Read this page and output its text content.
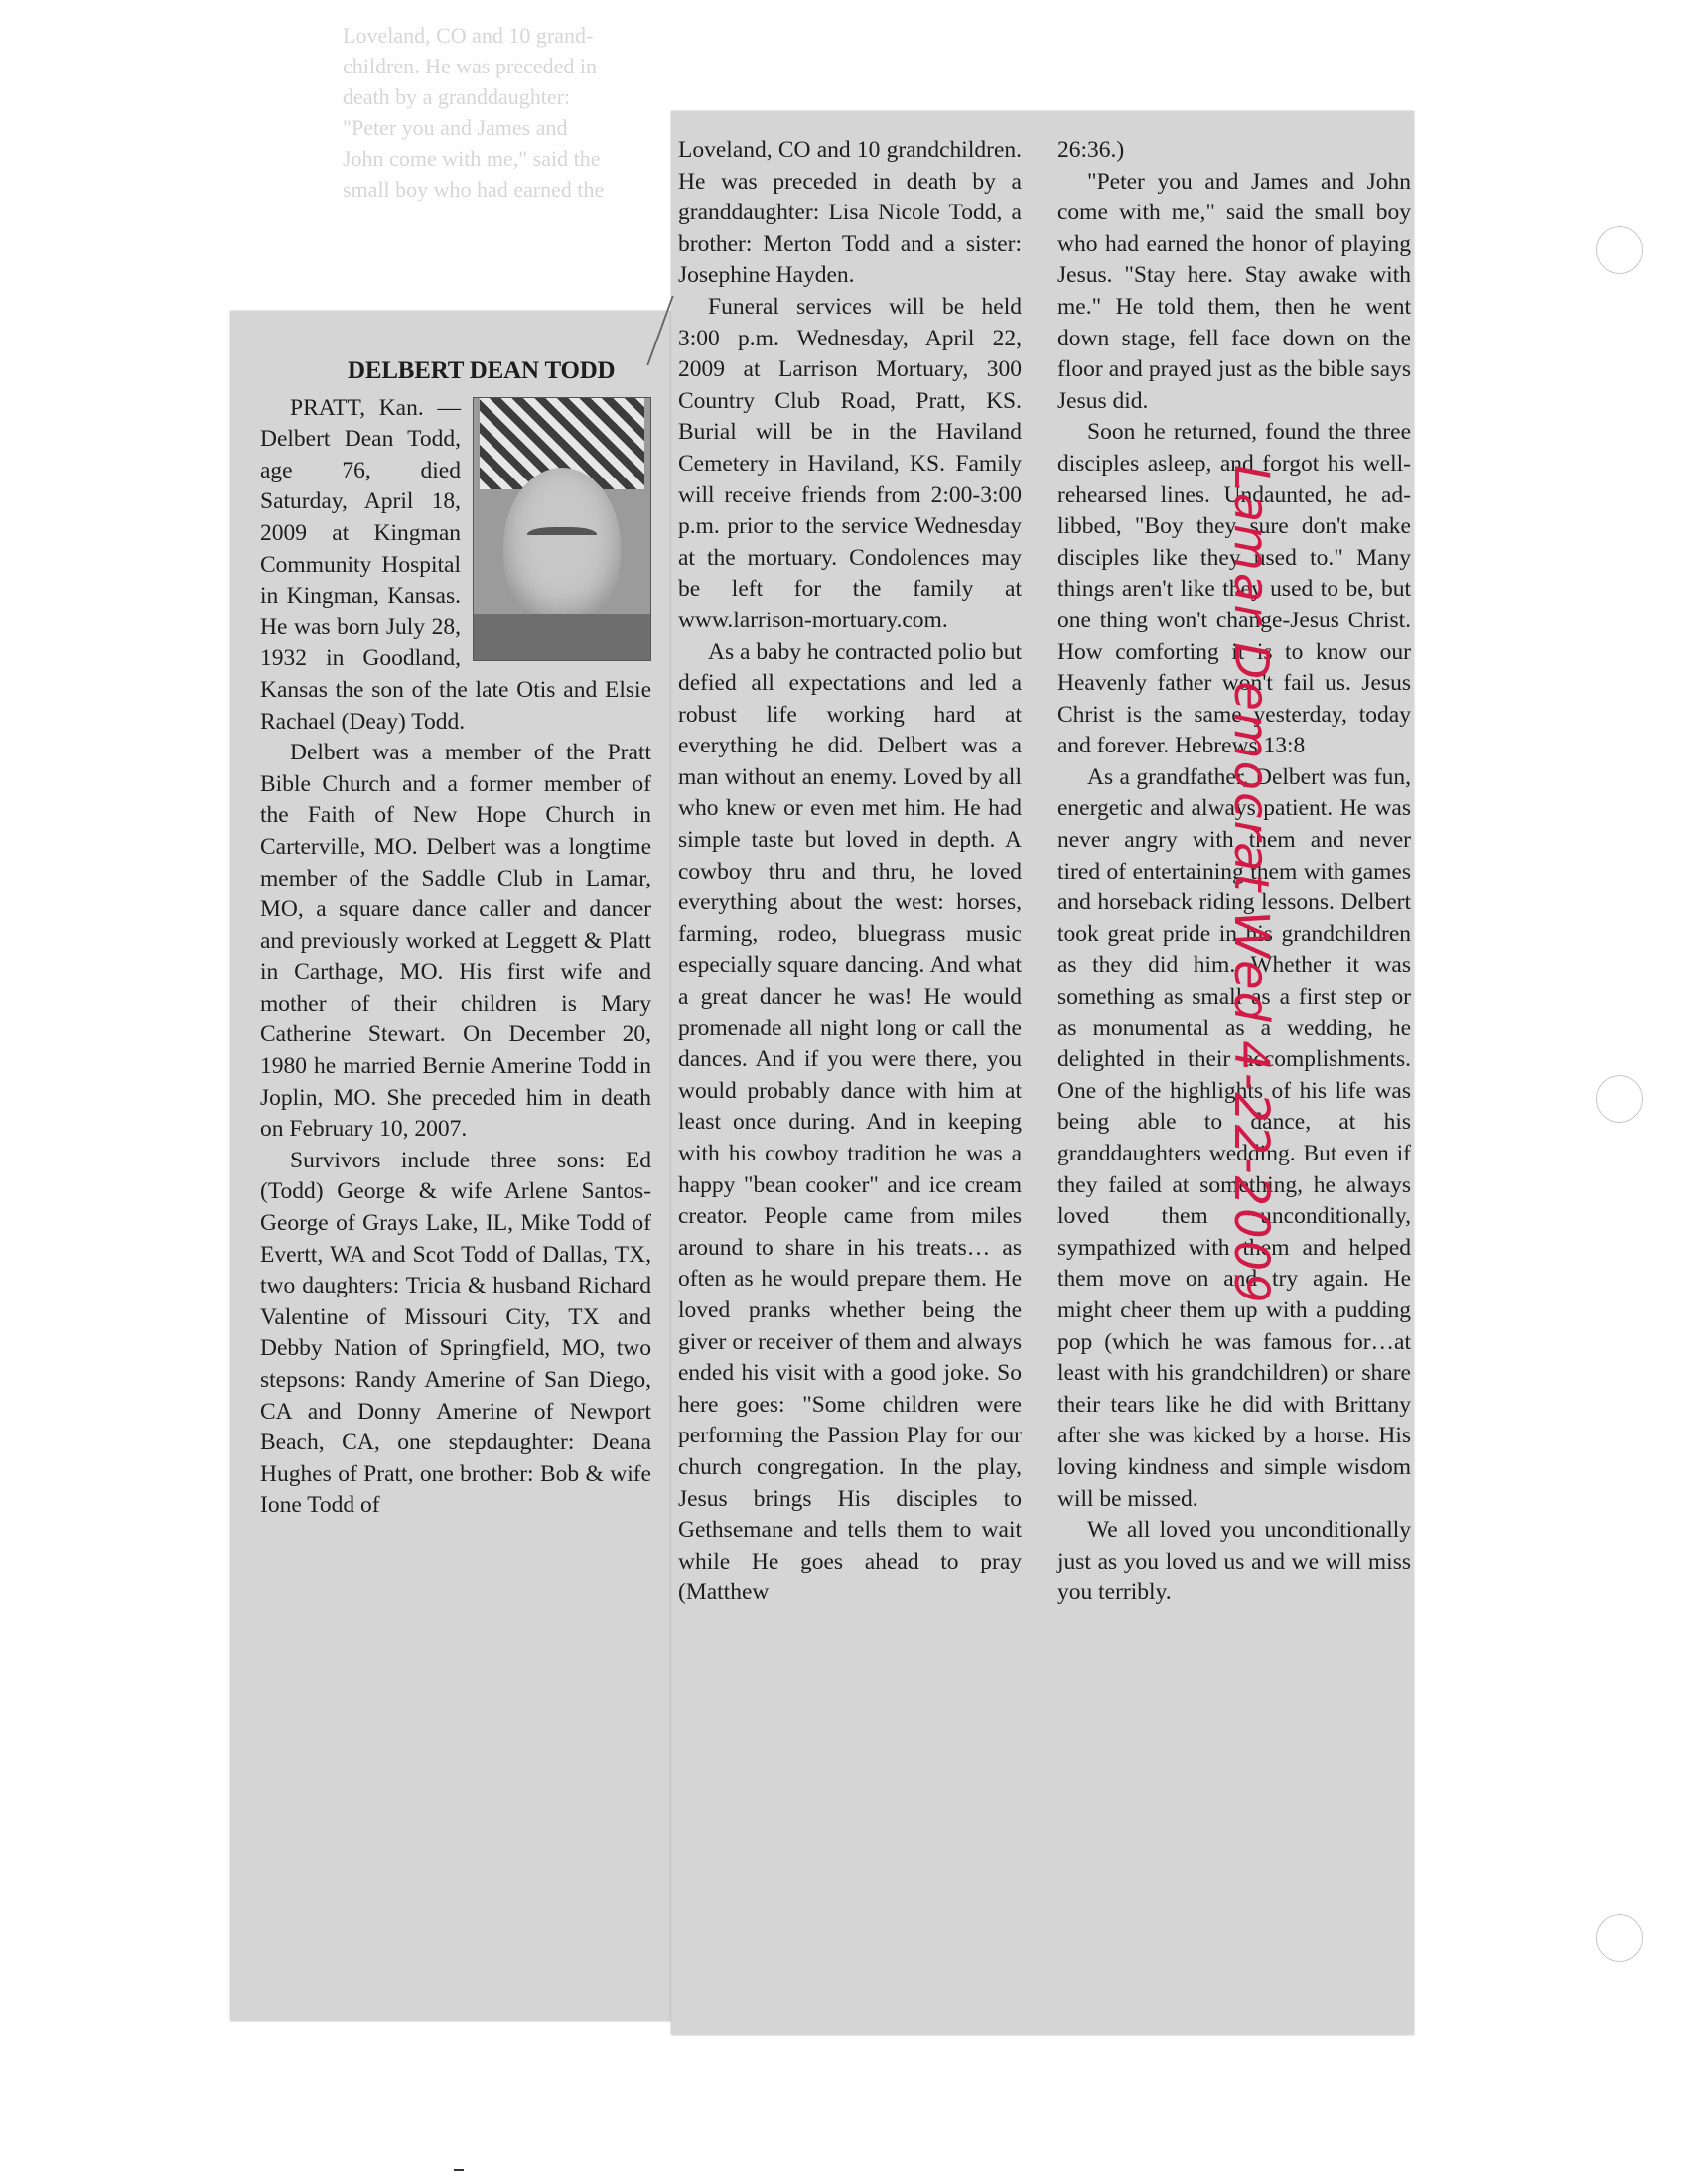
Loveland, CO and 10 grand-

children. He was preceded in

death by a granddaughter:

"Peter you and James and

John come with me," said the

small boy who had earned the

DELBERT DEAN TODD

PRATT, Kan. — Delbert Dean Todd, age 76, died Saturday, April 18, 2009 at Kingman Community Hospital in Kingman, Kansas. He was born July 28, 1932 in Goodland, Kansas the son of the late Otis and Elsie Rachael (Deay) Todd.

Delbert was a member of the Pratt Bible Church and a former member of the Faith of New Hope Church in Carterville, MO. Delbert was a longtime member of the Saddle Club in Lamar, MO, a square dance caller and dancer and previously worked at Leggett & Platt in Carthage, MO. His first wife and mother of their children is Mary Catherine Stewart. On December 20, 1980 he married Bernie Amerine Todd in Joplin, MO. She preceded him in death on February 10, 2007.

Survivors include three sons: Ed (Todd) George & wife Arlene Santos-George of Grays Lake, IL, Mike Todd of Evertt, WA and Scot Todd of Dallas, TX, two daughters: Tricia & husband Richard Valentine of Missouri City, TX and Debby Nation of Springfield, MO, two stepsons: Randy Amerine of San Diego, CA and Donny Amerine of Newport Beach, CA, one stepdaughter: Deana Hughes of Pratt, one brother: Bob & wife Ione Todd of

Loveland, CO and 10 grandchildren. He was preceded in death by a granddaughter: Lisa Nicole Todd, a brother: Merton Todd and a sister: Josephine Hayden.

Funeral services will be held 3:00 p.m. Wednesday, April 22, 2009 at Larrison Mortuary, 300 Country Club Road, Pratt, KS. Burial will be in the Haviland Cemetery in Haviland, KS. Family will receive friends from 2:00-3:00 p.m. prior to the service Wednesday at the mortuary. Condolences may be left for the family at www.larrison-mortuary.com.

As a baby he contracted polio but defied all expectations and led a robust life working hard at everything he did. Delbert was a man without an enemy. Loved by all who knew or even met him. He had simple taste but loved in depth. A cowboy thru and thru, he loved everything about the west: horses, farming, rodeo, bluegrass music especially square dancing. And what a great dancer he was! He would promenade all night long or call the dances. And if you were there, you would probably dance with him at least once during. And in keeping with his cowboy tradition he was a happy "bean cooker" and ice cream creator. People came from miles around to share in his treats… as often as he would prepare them. He loved pranks whether being the giver or receiver of them and always ended his visit with a good joke. So here goes: "Some children were performing the Passion Play for our church congregation. In the play, Jesus brings His disciples to Gethsemane and tells them to wait while He goes ahead to pray (Matthew

26:36.)

"Peter you and James and John come with me," said the small boy who had earned the honor of playing Jesus. "Stay here. Stay awake with me." He told them, then he went down stage, fell face down on the floor and prayed just as the bible says Jesus did.

Soon he returned, found the three disciples asleep, and forgot his well-rehearsed lines. Undaunted, he ad-libbed, "Boy they sure don't make disciples like they used to." Many things aren't like they used to be, but one thing won't change-Jesus Christ. How comforting it is to know our Heavenly father won't fail us. Jesus Christ is the same yesterday, today and forever. Hebrews 13:8

As a grandfather, Delbert was fun, energetic and always patient. He was never angry with them and never tired of entertaining them with games and horseback riding lessons. Delbert took great pride in his grandchildren as they did him. Whether it was something as small as a first step or as monumental as a wedding, he delighted in their accomplishments. One of the highlights of his life was being able to dance, at his granddaughters wedding. But even if they failed at something, he always loved them unconditionally, sympathized with them and helped them move on and try again. He might cheer them up with a pudding pop (which he was famous for…at least with his grandchildren) or share their tears like he did with Brittany after she was kicked by a horse. His loving kindness and simple wisdom will be missed.

We all loved you unconditionally just as you loved us and we will miss you terribly.

Lamar Democrat Wed 4-22-2009
